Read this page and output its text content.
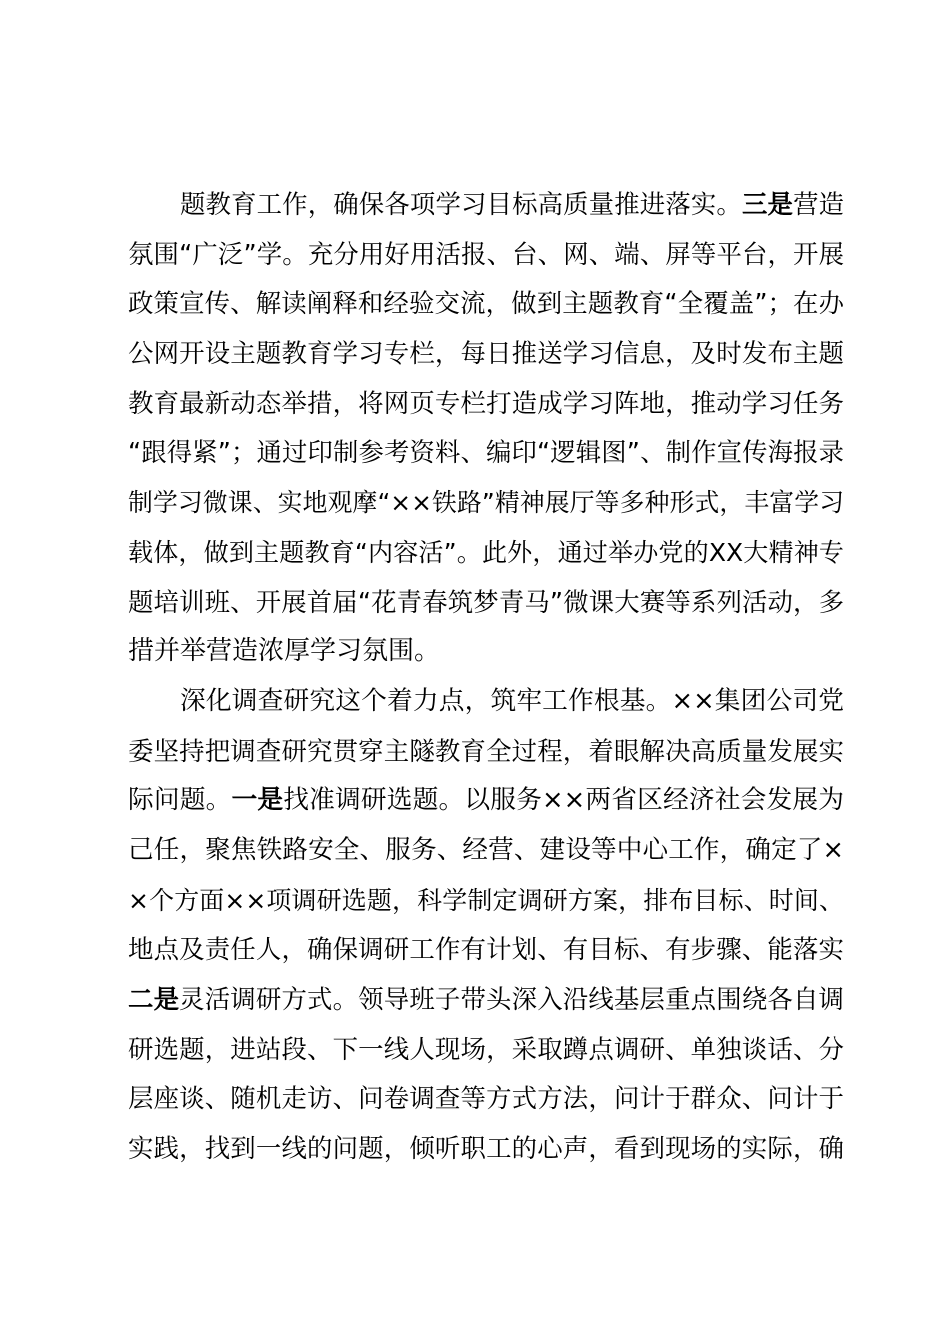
题教育工作，确保各项学习目标高质量推进落实。三是营造
氛围“广泛”学。充分用好用活报、台、网、端、屏等平台，开展
政策宣传、解读阐释和经验交流，做到主题教育“全覆盖”；在办
公网开设主题教育学习专栏，每日推送学习信息，及时发布主题
教育最新动态举措，将网页专栏打造成学习阵地，推动学习任务
“跟得紧”；通过印制参考资料、编印“逻辑图”、制作宣传海报录
制学习微课、实地观摩“××铁路”精神展厅等多种形式，丰富学习
载体，做到主题教育“内容活”。此外，通过举办党的XX大精神专
题培训班、开展首届“花青春筑梦青马”微课大赛等系列活动，多
措并举营造浓厚学习氛围。
深化调查研究这个着力点，筑牢工作根基。××集团公司党
委坚持把调查研究贯穿主隧教育全过程，着眼解决高质量发展实
际问题。一是找准调研选题。以服务××两省区经济社会发展为
己任，聚焦铁路安全、服务、经营、建设等中心工作，确定了×
×个方面××项调研选题，科学制定调研方案，排布目标、时间、
地点及责任人，确保调研工作有计划、有目标、有步骤、能落实
二是灵活调研方式。领导班子带头深入沿线基层重点围绕各自调
研选题，进站段、下一线人现场，采取蹲点调研、单独谈话、分
层座谈、随机走访、问卷调查等方式方法，问计于群众、问计于
实践，找到一线的问题，倾听职工的心声，看到现场的实际，确
